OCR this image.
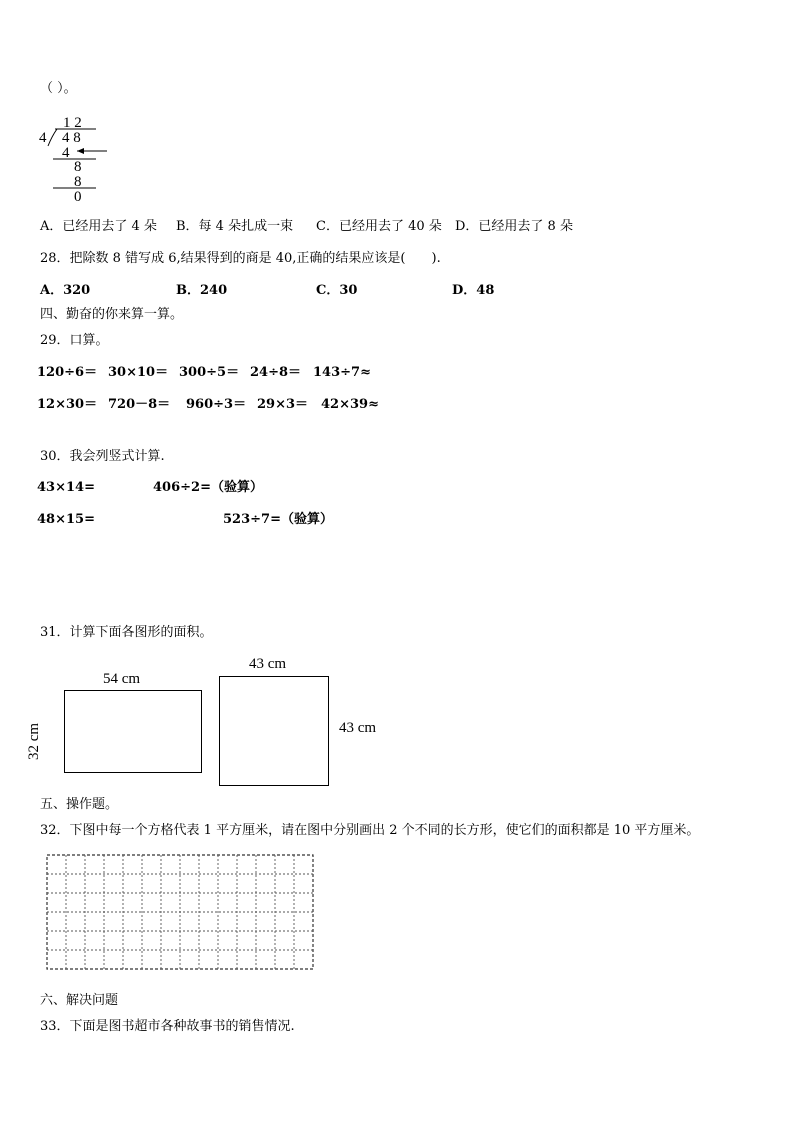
（ ）。
1 2
4 4 8
4
8
8
0
A．已经用去了 4 朵 B．每 4 朵扎成一束 C．已经用去了 40 朵 D．已经用去了 8 朵
28．把除数 8 错写成 6,结果得到的商是 40,正确的结果应该是(　　).
A．320	B．240	C．30	D．48
四、勤奋的你来算一算。
29．口算。
120÷6＝ 30×10＝ 300÷5＝ 24÷8＝ 143÷7≈
12×30＝ 720－8＝ 960÷3＝ 29×3＝ 42×39≈
30．我会列竖式计算.
43×14=	406÷2=（验算）
48×15=	523÷7=（验算）
31．计算下面各图形的面积。
54 cm
32 cm
43 cm
43 cm
五、操作题。
32．下图中每一个方格代表 1 平方厘米，请在图中分别画出 2 个不同的长方形，使它们的面积都是 10 平方厘米。
六、解决问题
33．下面是图书超市各种故事书的销售情况.
